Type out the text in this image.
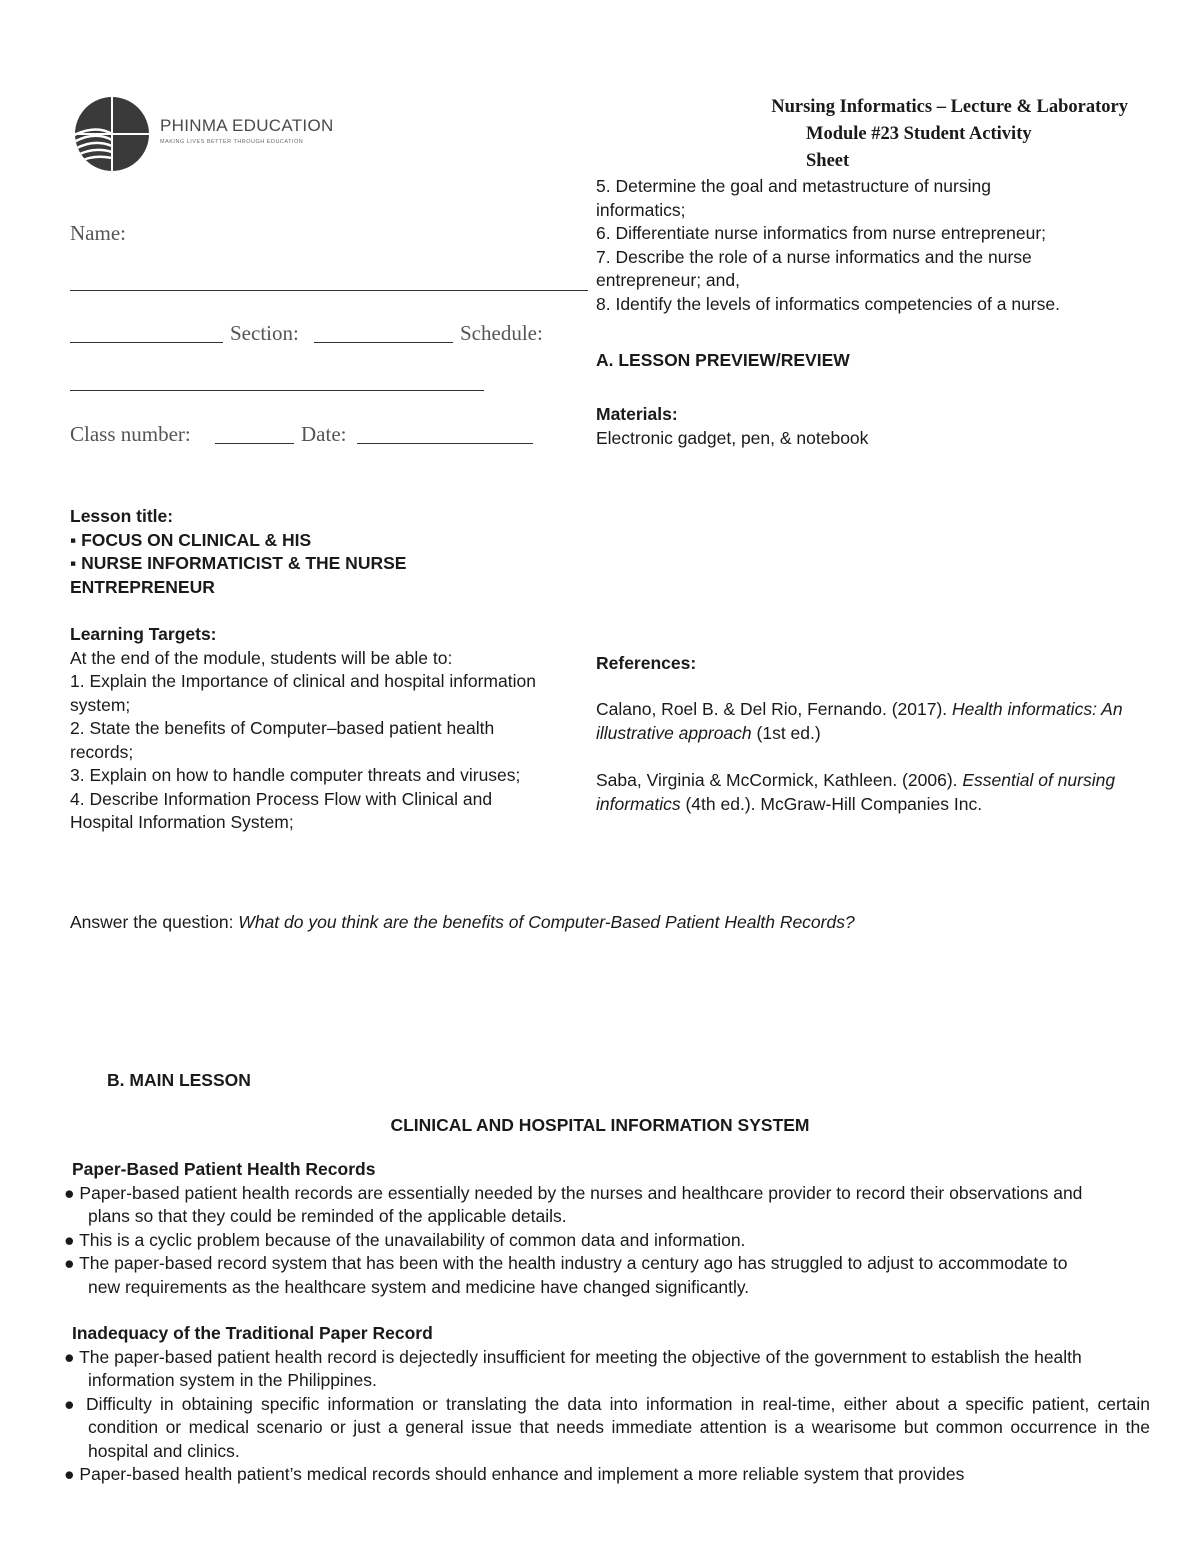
PHINMA EDUCATION
MAKING LIVES BETTER THROUGH EDUCATION
Nursing Informatics – Lecture & Laboratory
Module #23 Student Activity
Sheet
Name:
Section:	Schedule:
Class number:	Date:

Lesson title:

▪ FOCUS ON CLINICAL & HIS

▪ NURSE INFORMATICIST & THE NURSE

ENTREPRENEUR

Learning Targets:

At the end of the module, students will be able to:

1. Explain the Importance of clinical and hospital information system;

2. State the benefits of Computer–based patient health records;

3. Explain on how to handle computer threats and viruses;

4. Describe Information Process Flow with Clinical and Hospital Information System;

5. Determine the goal and metastructure of nursing informatics;

6. Differentiate nurse informatics from nurse entrepreneur;

7. Describe the role of a nurse informatics and the nurse entrepreneur; and,

8. Identify the levels of informatics competencies of a nurse.

A. LESSON PREVIEW/REVIEW

Materials:

Electronic gadget, pen, & notebook

References:
Calano, Roel B. & Del Rio, Fernando. (2017). Health informatics: An illustrative approach (1st ed.)
Saba, Virginia & McCormick, Kathleen. (2006). Essential of nursing informatics (4th ed.). McGraw-Hill Companies Inc.
Answer the question: What do you think are the benefits of Computer-Based Patient Health Records?
B. MAIN LESSON
CLINICAL AND HOSPITAL INFORMATION SYSTEM

Paper-Based Patient Health Records

● Paper-based patient health records are essentially needed by the nurses and healthcare provider to record their observations and plans so that they could be reminded of the applicable details.

● This is a cyclic problem because of the unavailability of common data and information.

● The paper-based record system that has been with the health industry a century ago has struggled to adjust to accommodate to new requirements as the healthcare system and medicine have changed significantly.

Inadequacy of the Traditional Paper Record

● The paper-based patient health record is dejectedly insufficient for meeting the objective of the government to establish the health information system in the Philippines.

● Difficulty in obtaining specific information or translating the data into information in real-time, either about a specific patient, certain condition or medical scenario or just a general issue that needs immediate attention is a wearisome but common occurrence in the hospital and clinics.

● Paper-based health patient’s medical records should enhance and implement a more reliable system that provides
